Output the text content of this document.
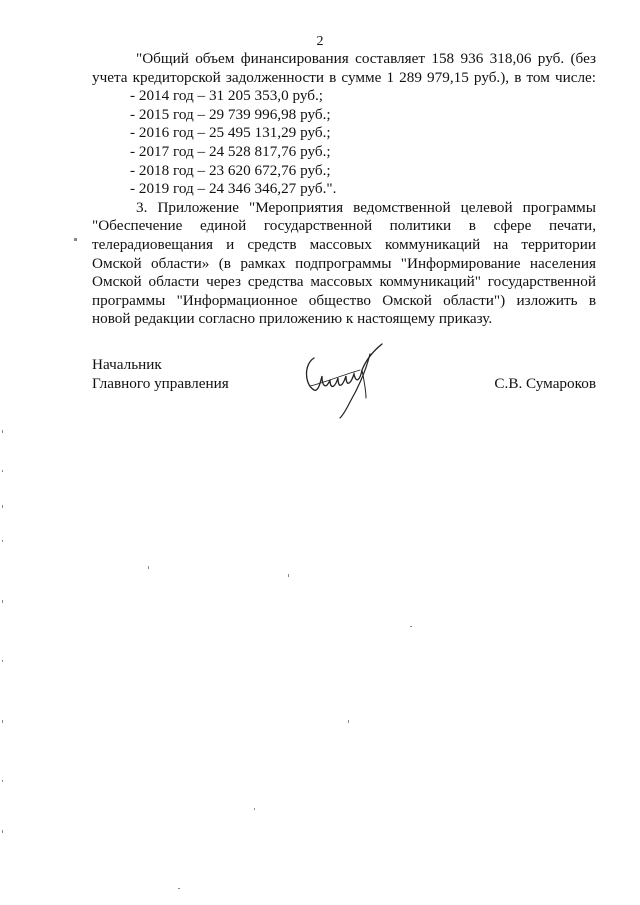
2
"Общий объем финансирования составляет 158 936 318,06 руб. (без
учета кредиторской задолженности в сумме 1 289 979,15 руб.), в том числе:
- 2014 год – 31 205 353,0 руб.;
- 2015 год – 29 739 996,98 руб.;
- 2016 год – 25 495 131,29 руб.;
- 2017 год – 24 528 817,76 руб.;
- 2018 год – 23 620 672,76 руб.;
- 2019 год – 24 346 346,27 руб.".
3. Приложение "Мероприятия ведомственной целевой программы
"Обеспечение единой государственной политики в сфере печати,
телерадиовещания и средств массовых коммуникаций на территории
Омской области» (в рамках подпрограммы "Информирование населения
Омской области через средства массовых коммуникаций" государственной
программы "Информационное общество Омской области") изложить в
новой редакции согласно приложению к настоящему приказу.
Начальник
Главного управления	С.В. Сумароков
